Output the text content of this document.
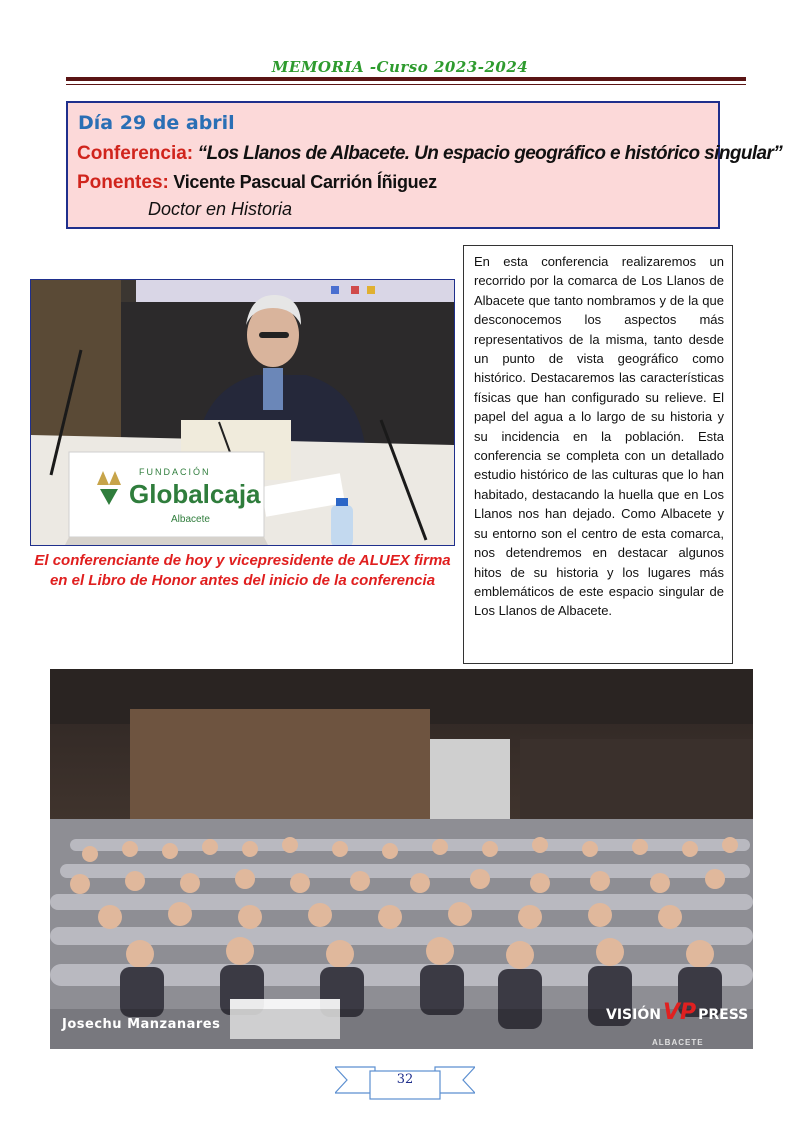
MEMORIA -Curso 2023-2024
Día 29 de abril
Conferencia: “Los Llanos de Albacete. Un espacio geográfico e histórico singular”
Ponentes: Vicente Pascual Carrión Íñiguez
Doctor en Historia
FUNDACIÓN
Globalcaja
Albacete
El conferenciante de hoy y vicepresidente de ALUEX firma en el Libro de Honor antes del inicio de la conferencia
En esta conferencia realizaremos un recorrido por la comarca de Los Llanos de Albacete que tanto nombramos y de la que desconocemos los aspectos más representativos de la misma, tanto desde un punto de vista geográfico como histórico. Destacaremos las características físicas que han configurado su relieve. El papel del agua a lo largo de su historia y su incidencia en la población. Esta conferencia se completa con un detallado estudio histórico de las culturas que lo han habitado, destacando la huella que en Los Llanos nos han dejado. Como Albacete y su entorno son el centro de esta comarca, nos detendremos en destacar algunos hitos de su historia y los lugares más emblemáticos de este espacio singular de Los Llanos de Albacete.
Josechu Manzanares
VISIÓNVP PRESS
ALBACETE
32
